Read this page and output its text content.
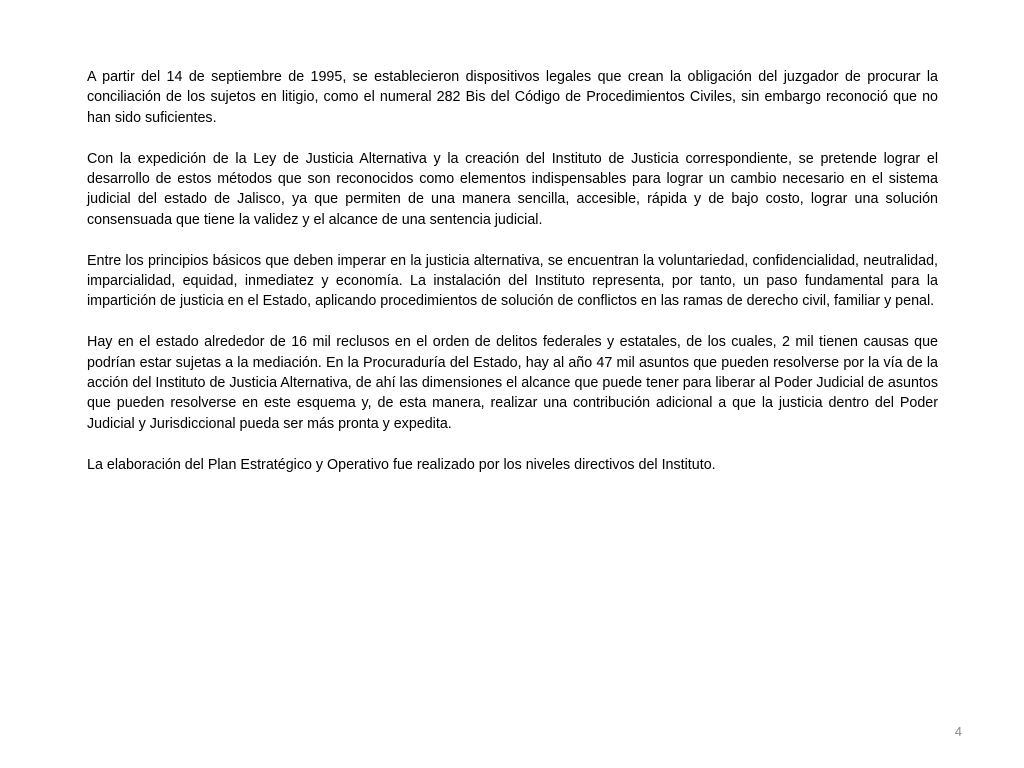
A partir del 14 de septiembre de 1995, se establecieron dispositivos legales que crean la obligación del juzgador de procurar la conciliación de los sujetos en litigio, como el numeral 282 Bis del Código de Procedimientos Civiles, sin embargo reconoció que no han sido suficientes.

Con la expedición de la Ley de Justicia Alternativa y la creación del Instituto de Justicia correspondiente, se pretende lograr el desarrollo de estos métodos que son reconocidos como elementos indispensables para lograr un cambio necesario en el sistema judicial del estado de Jalisco, ya que permiten de una manera sencilla, accesible, rápida y de bajo costo, lograr una solución consensuada que tiene la validez y el alcance de una sentencia judicial.

Entre los principios básicos que deben imperar en la justicia alternativa, se encuentran la voluntariedad, confidencialidad, neutralidad, imparcialidad, equidad, inmediatez y economía. La instalación del Instituto representa, por tanto, un paso fundamental para la impartición de justicia en el Estado, aplicando procedimientos de solución de conflictos en las ramas de derecho civil, familiar y penal.

Hay en el estado alrededor de 16 mil reclusos en el orden de delitos federales y estatales, de los cuales, 2 mil tienen causas que podrían estar sujetas a la mediación. En la Procuraduría del Estado, hay al año 47 mil asuntos que pueden resolverse por la vía de la acción del Instituto de Justicia Alternativa, de ahí las dimensiones el alcance que puede tener para liberar al Poder Judicial de asuntos que pueden resolverse en este esquema y, de esta manera, realizar una contribución adicional a que la justicia dentro del Poder Judicial y Jurisdiccional pueda ser más pronta y expedita.

La elaboración del Plan Estratégico y Operativo fue realizado por los niveles directivos del Instituto.

4
